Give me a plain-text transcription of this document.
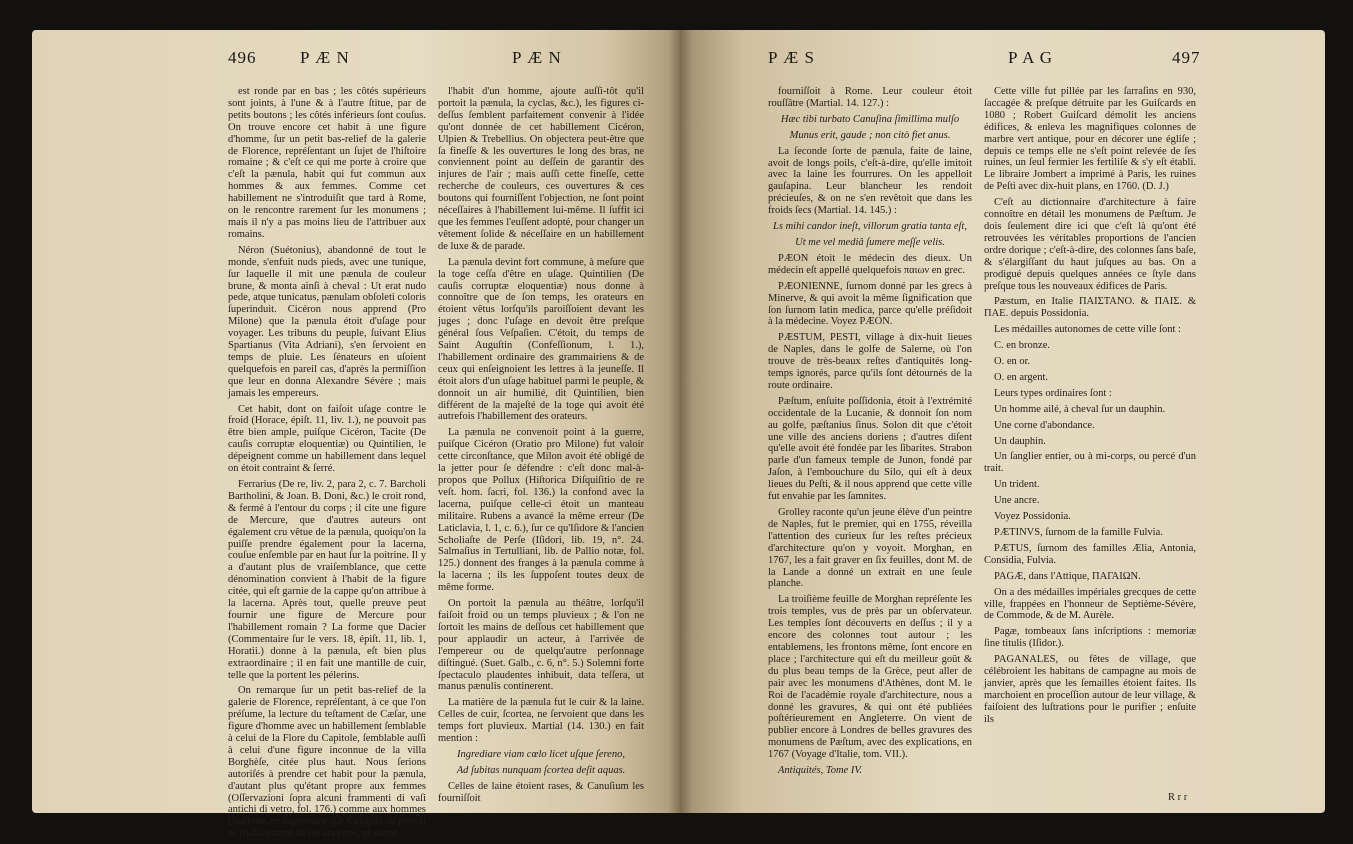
496	P Æ N	P Æ N

est ronde par en bas ; les côtés supérieurs sont joints, à l'une & à l'autre ſtitue, par de petits boutons ; les côtés inférieurs ſont couſus. On trouve encore cet habit à une figure d'homme, ſur un petit bas-relief de la galerie de Florence, repréſentant un ſujet de l'hiſtoire romaine ; & c'eſt ce qui me porte à croire que c'eſt la pænula, habit qui fut commun aux hommes & aux femmes. Comme cet habillement ne s'introduiſit que tard à Rome, on le rencontre rarement ſur les monumens ; mais il n'y a pas moins lieu de l'attribuer aux romains.

Néron (Suétonius), abandonné de tout le monde, s'enfuit nuds pieds, avec une tunique, ſur laquelle il mit une pænula de couleur brune, & monta ainſi à cheval : Ut erat nudo pede, atque tunicatus, pænulam obſoleti coloris ſuperinduit. Cicéron nous apprend (Pro Milone) que la pænula étoit d'uſage pour voyager. Les tribuns du peuple, ſuivant Elius Spartianus (Vita Adriani), s'en ſervoient en temps de pluie. Les ſénateurs en uſoient quelquefois en pareil cas, d'après la permiſſion que leur en donna Alexandre Sévère ; mais jamais les empereurs.

Cet habit, dont on faiſoit uſage contre le froid (Horace, épiſt. 11, liv. 1.), ne pouvoit pas être bien ample, puiſque Cicéron, Tacite (De cauſis corruptæ eloquentiæ) ou Quintilien, le dépeignent comme un habillement dans lequel on étoit contraint & ſerré.

Ferrarius (De re, liv. 2, para 2, c. 7. Barcholi Bartholini, & Joan. B. Doni, &c.) le croit rond, & fermé à l'entour du corps ; il cite une figure de Mercure, que d'autres auteurs ont également cru vêtue de la pænula, quoiqu'on la puiſſe prendre également pour la lacerna, couſue enſemble par en haut ſur la poitrine. Il y a d'autant plus de vraiſemblance, que cette dénomination convient à l'habit de la figure citée, qui eſt garnie de la cappe qu'on attribue à la lacerna. Après tout, quelle preuve peut fournir une figure de Mercure pour l'habillement romain ? La forme que Dacier (Commentaire ſur le vers. 18, épiſt. 11, lib. 1, Horatii.) donne à la pænula, eſt bien plus extraordinaire ; il en fait une mantille de cuir, telle que la portent les pélerins.

On remarque ſur un petit bas-relief de la galerie de Florence, repréſentant, à ce que l'on préſume, la lecture du teſtament de Cæſar, une figure d'homme avec un habillement ſemblable à celui de la Flore du Capitole, ſemblable auſſi à celui d'une figure inconnue de la villa Borghèſe, citée plus haut. Nous ſerions autoriſés à prendre cet habit pour la pænula, d'autant plus qu'étant propre aux femmes (Oſſervazioni ſopra alcuni frammenti di vaſi antichi di vetro, fol. 176.) comme aux hommes (Suétone, en rapportant que Caligula ne portoit ni l'habillement de ſes ancêtres, ni même

l'habit d'un homme, ajoute auſſi-tôt qu'il portoit la pænula, la cyclas, &c.), les figures ci-deſſus ſemblent parfaitement convenir à l'idée qu'ont donnée de cet habillement Cicéron, Ulpien & Trebellius. On objectera peut-être que ſa fineſſe & les ouvertures le long des bras, ne conviennent point au deſſein de garantir des injures de l'air ; mais auſſi cette fineſſe, cette recherche de couleurs, ces ouvertures & ces boutons qui fourniſſent l'objection, ne ſont point néceſſaires à l'habillement lui-même. Il ſuffit ici que les femmes l'euſſent adopté, pour changer un vêtement ſolide & néceſſaire en un habillement de luxe & de parade.

La pænula devint fort commune, à meſure que la toge ceſſa d'être en uſage. Quintilien (De cauſis corruptæ eloquentiæ) nous donne à connoître que de ſon temps, les orateurs en étoient vêtus lorſqu'ils paroiſſoient devant les juges ; donc l'uſage en devoit être preſque général ſous Veſpaſien. C'étoit, du temps de Saint Auguſtin (Confeſſionum, l. 1.), l'habillement ordinaire des grammairiens & de ceux qui enſeignoient les lettres à la jeuneſſe. Il étoit alors d'un uſage habituel parmi le peuple, & donnoit un air humilié, dit Quintilien, bien différent de la majeſté de la toge qui avoit été autrefois l'habillement des orateurs.

La pænula ne convenoit point à la guerre, puiſque Cicéron (Oratio pro Milone) fut valoir cette circonſtance, que Milon avoit été obligé de la jetter pour ſe défendre : c'eſt donc mal-à-propos que Pollux (Hiſtorica Diſquiſitio de re veſt. hom. ſacri, fol. 136.) la confond avec la lacerna, puiſque celle-ci étoit un manteau militaire. Rubens a avancé la même erreur (De Laticlavia, l. 1, c. 6.), ſur ce qu'Iſidore & l'ancien Scholiaſte de Perſe (Iſidori, lib. 19, n°. 24. Salmaſius in Tertulliani, lib. de Pallio notæ, fol. 125.) donnent des franges à la pænula comme à la lacerna ; ils les ſuppoſent toutes deux de même forme.

On portoit la pænula au théâtre, lorſqu'il faiſoit froid ou un temps pluvieux ; & l'on ne ſortoit les mains de deſſous cet habillement que pour applaudir un acteur, à l'arrivée de l'empereur ou de quelqu'autre perſonnage diſtingué. (Suet. Galb., c. 6, n°. 5.) Solemni forte ſpectaculo plaudentes inhibuit, data teſſera, ut manus pænulis continerent.

La matière de la pænula fut le cuir & la laine. Celles de cuir, ſcortea, ne ſervoient que dans les temps fort pluvieux. Martial (14. 130.) en fait mention :

Ingrediare viam cœlo licet uſque ſereno,

Ad ſubitas nunquam ſcortea deſit aquas.

Celles de laine étoient rases, & Canuſium les fourniſſoit

P Æ S	P A G	497

fourniſſoit à Rome. Leur couleur étoit rouſſâtre (Martial. 14. 127.) :

Hæc tibi turbato Canuſina ſimillima mulſo

Munus erit, gaude ; non citò fiet anus.

La ſeconde ſorte de pænula, faite de laine, avoit de longs poils, c'eſt-à-dire, qu'elle imitoit avec la laine les fourrures. On les appelloit gauſapina. Leur blancheur les rendoit précieuſes, & on ne s'en revêtoit que dans les froids ſecs (Martial. 14. 145.) :

Ls mihi candor ineſt, villorum gratia tanta eſt,

Ut me vel mediâ ſumere meſſe velis.

PÆON étoit le médecin des dieux. Un médecin eſt appellé quelquefois παιων en grec.

PÆONIENNE, ſurnom donné par les grecs à Minerve, & qui avoit la même ſignification que ſon ſurnom latin medica, parce qu'elle préſidoit à la médecine. Voyez PÆON.

PÆSTUM, PESTI, village à dix-huit lieues de Naples, dans le golfe de Salerne, où l'on trouve de très-beaux reſtes d'antiquités long-temps ignorés, parce qu'ils ſont détournés de la route ordinaire.

Pæſtum, enſuite poſſidonia, étoit à l'extrémité occidentale de la Lucanie, & donnoit ſon nom au golfe, pæſtanius ſinus. Solon dit que c'étoit une ville des anciens doriens ; d'autres diſent qu'elle avoit été fondée par les ſibarites. Strabon parle d'un fameux temple de Junon, fondé par Jaſon, à l'embouchure du Silo, qui eſt à deux lieues du Peſti, & il nous apprend que cette ville fut envahie par les ſamnites.

Grolley raconte qu'un jeune élève d'un peintre de Naples, fut le premier, qui en 1755, réveilla l'attention des curieux ſur les reſtes précieux d'architecture qu'on y voyoit. Morghan, en 1767, les a fait graver en ſix feuilles, dont M. de la Lande a donné un extrait en une ſeule planche.

La troiſième feuille de Morghan repréſente les trois temples, vus de près par un obſervateur. Les temples ſont découverts en deſſus ; il y a encore des colonnes tout autour ; les entablemens, les frontons même, ſont encore en place ; l'architecture qui eſt du meilleur goût & du plus beau temps de la Grèce, peut aller de pair avec les monumens d'Athènes, dont M. le Roi de l'académie royale d'architecture, nous a donné les gravures, & qui ont été publiées poſtérieurement en Angleterre. On vient de publier encore à Londres de belles gravures des monumens de Pæſtum, avec des explications, en 1767 (Voyage d'Italie, tom. VII.).

Antiquités, Tome IV.

Cette ville fut pillée par les ſarraſins en 930, ſaccagée & preſque détruite par les Guiſcards en 1080 ; Robert Guiſcard démolit les anciens édifices, & enleva les magnifiques colonnes de marbre vert antique, pour en décorer une égliſe ; depuis ce temps elle ne s'eſt point relevée de ſes ruines, un ſeul fermier les fertiliſe & s'y eſt établi. Le libraire Jombert a imprimé à Paris, les ruines de Peſti avec dix-huit plans, en 1760. (D. J.)

C'eſt au dictionnaire d'architecture à faire connoître en détail les monumens de Pæſtum. Je dois ſeulement dire ici que c'eſt là qu'ont été retrouvées les véritables proportions de l'ancien ordre dorique ; c'eſt-à-dire, des colonnes ſans baſe, & s'élargiſſant du haut juſques au bas. On a prodigué depuis quelques années ce ſtyle dans preſque tous les nouveaux édifices de Paris.

Pæstum, en Italie ΠΑΙΣΤΑΝΟ. & ΠΑΙΣ. & ΠΑΕ. depuis Possidonia.

Les médailles autonomes de cette ville ſont :

C. en bronze.

O. en or.

O. en argent.

Leurs types ordinaires ſont :

Un homme ailé, à cheval ſur un dauphin.

Une corne d'abondance.

Un dauphin.

Un ſanglier entier, ou à mi-corps, ou percé d'un trait.

Un trident.

Une ancre.

Voyez Possidonia.

PÆTINVS, ſurnom de la famille Fulvia.

PÆTUS, ſurnom des familles Ælia, Antonia, Considia, Fulvia.

PAGÆ, dans l'Attique, ΠΑΓΑΙΩΝ.

On a des médailles impériales grecques de cette ville, frappées en l'honneur de Septième-Sévère, de Commode, & de M. Aurèle.

Pagæ, tombeaux ſans inſcriptions : memoriæ ſine titulis (Iſidor.).

PAGANALES, ou fêtes de village, que célébroient les habitans de campagne au mois de janvier, après que les ſemailles étoient faites. Ils marchoient en proceſſion autour de leur village, & faiſoient des luſtrations pour le purifier ; enſuite ils

R r r
